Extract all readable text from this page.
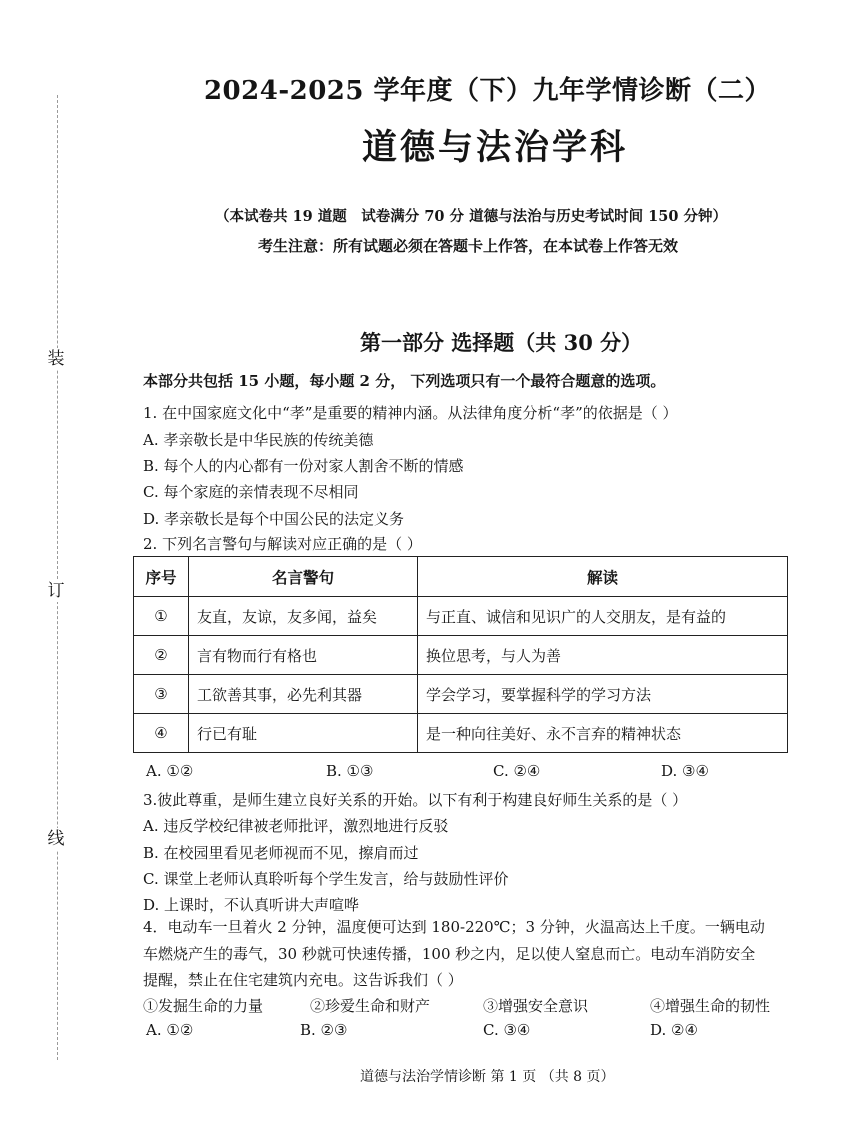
装
订
线
2024-2025 学年度（下）九年学情诊断（二）
道德与法治学科
（本试卷共 19 道题　试卷满分 70 分 道德与法治与历史考试时间 150 分钟）
考生注意：所有试题必须在答题卡上作答，在本试卷上作答无效
第一部分 选择题（共 30 分）
本部分共包括 15 小题，每小题 2 分， 下列选项只有一个最符合题意的选项。
1. 在中国家庭文化中“孝”是重要的精神内涵。从法律角度分析“孝”的依据是（ ）
A. 孝亲敬长是中华民族的传统美德
B. 每个人的内心都有一份对家人割舍不断的情感
C. 每个家庭的亲情表现不尽相同
D. 孝亲敬长是每个中国公民的法定义务
2. 下列名言警句与解读对应正确的是（ ）
序号	名言警句	解读
①	友直，友谅，友多闻，益矣	与正直、诚信和见识广的人交朋友，是有益的
②	言有物而行有格也	换位思考，与人为善
③	工欲善其事，必先利其器	学会学习，要掌握科学的学习方法
④	行已有耻	是一种向往美好、永不言弃的精神状态
A. ①②	B. ①③	C. ②④	D. ③④
3.彼此尊重，是师生建立良好关系的开始。以下有利于构建良好师生关系的是（ ）
A. 违反学校纪律被老师批评，激烈地进行反驳
B. 在校园里看见老师视而不见，擦肩而过
C. 课堂上老师认真聆听每个学生发言，给与鼓励性评价
D. 上课时，不认真听讲大声喧哗
4．电动车一旦着火 2 分钟，温度便可达到 180-220℃；3 分钟，火温高达上千度。一辆电动
车燃烧产生的毒气，30 秒就可快速传播，100 秒之内，足以使人窒息而亡。电动车消防安全
提醒，禁止在住宅建筑内充电。这告诉我们（ ）
①发掘生命的力量	②珍爱生命和财产	③增强安全意识	④增强生命的韧性
A. ①②	B. ②③	C. ③④	D. ②④
道德与法治学情诊断 第 1 页 （共 8 页）
